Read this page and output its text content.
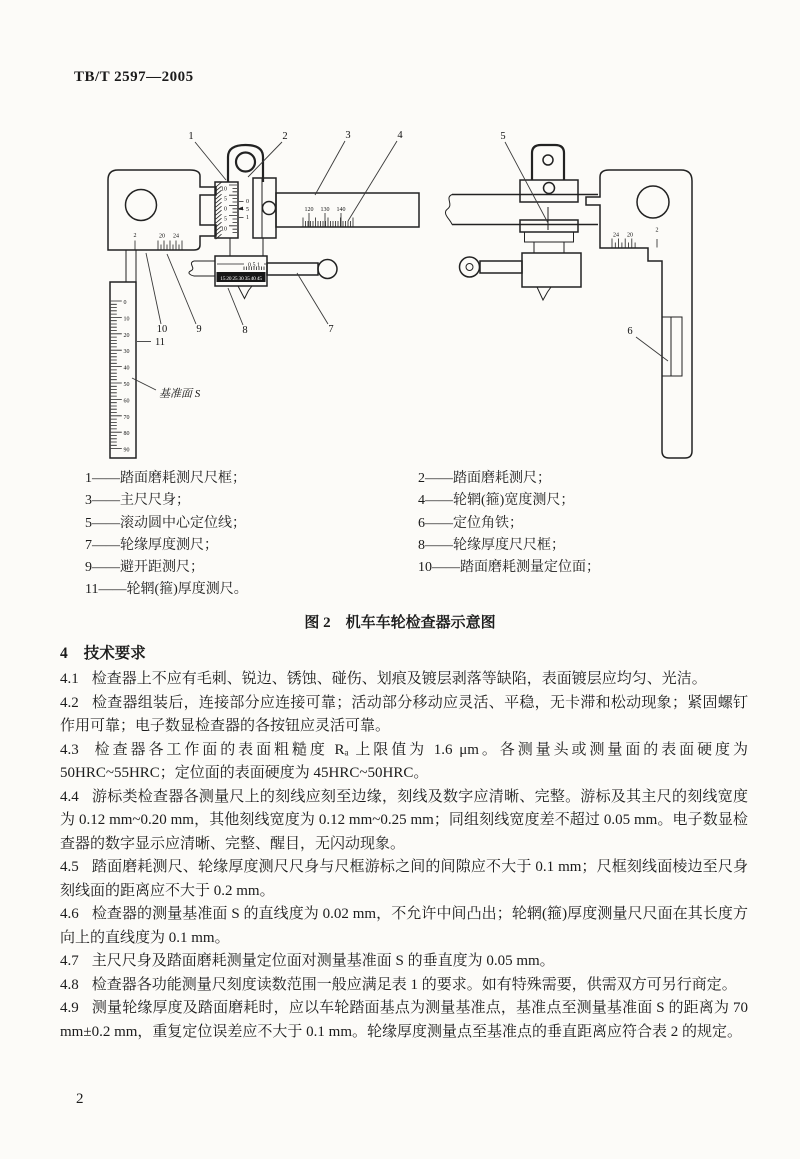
TB/T 2597—2005
2	20 24
0
10
20
30
40
50
60
70
80
90
10
5
0
5
10
0
5
1
120 130 140
0 5 1
15 20 25 30 35 40 45
24 20
2
1	2	3	4	5
6
7
8
9
10
11
基准面 S
1——踏面磨耗测尺尺框；
3——主尺尺身；
5——滚动圆中心定位线；
7——轮缘厚度测尺；
9——避开距测尺；
11——轮辋(箍)厚度测尺。
2——踏面磨耗测尺；
4——轮辋(箍)宽度测尺；
6——定位角铁；
8——轮缘厚度尺尺框；
10——踏面磨耗测量定位面；
图 2　机车车轮检查器示意图
4 技术要求

4.1 检查器上不应有毛刺、锐边、锈蚀、碰伤、划痕及镀层剥落等缺陷，表面镀层应均匀、光洁。

4.2 检查器组装后，连接部分应连接可靠；活动部分移动应灵活、平稳，无卡滞和松动现象；紧固螺钉作用可靠；电子数显检查器的各按钮应灵活可靠。

4.3 检查器各工作面的表面粗糙度 Rₐ 上限值为 1.6 μm。各测量头或测量面的表面硬度为 50HRC~55HRC；定位面的表面硬度为 45HRC~50HRC。

4.4 游标类检查器各测量尺上的刻线应刻至边缘，刻线及数字应清晰、完整。游标及其主尺的刻线宽度为 0.12 mm~0.20 mm，其他刻线宽度为 0.12 mm~0.25 mm；同组刻线宽度差不超过 0.05 mm。电子数显检查器的数字显示应清晰、完整、醒目，无闪动现象。

4.5 踏面磨耗测尺、轮缘厚度测尺尺身与尺框游标之间的间隙应不大于 0.1 mm；尺框刻线面棱边至尺身刻线面的距离应不大于 0.2 mm。

4.6 检查器的测量基准面 S 的直线度为 0.02 mm，不允许中间凸出；轮辋(箍)厚度测量尺尺面在其长度方向上的直线度为 0.1 mm。

4.7 主尺尺身及踏面磨耗测量定位面对测量基准面 S 的垂直度为 0.05 mm。

4.8 检查器各功能测量尺刻度读数范围一般应满足表 1 的要求。如有特殊需要，供需双方可另行商定。

4.9 测量轮缘厚度及踏面磨耗时，应以车轮踏面基点为测量基准点，基准点至测量基准面 S 的距离为 70 mm±0.2 mm，重复定位误差应不大于 0.1 mm。轮缘厚度测量点至基准点的垂直距离应符合表 2 的规定。

2
